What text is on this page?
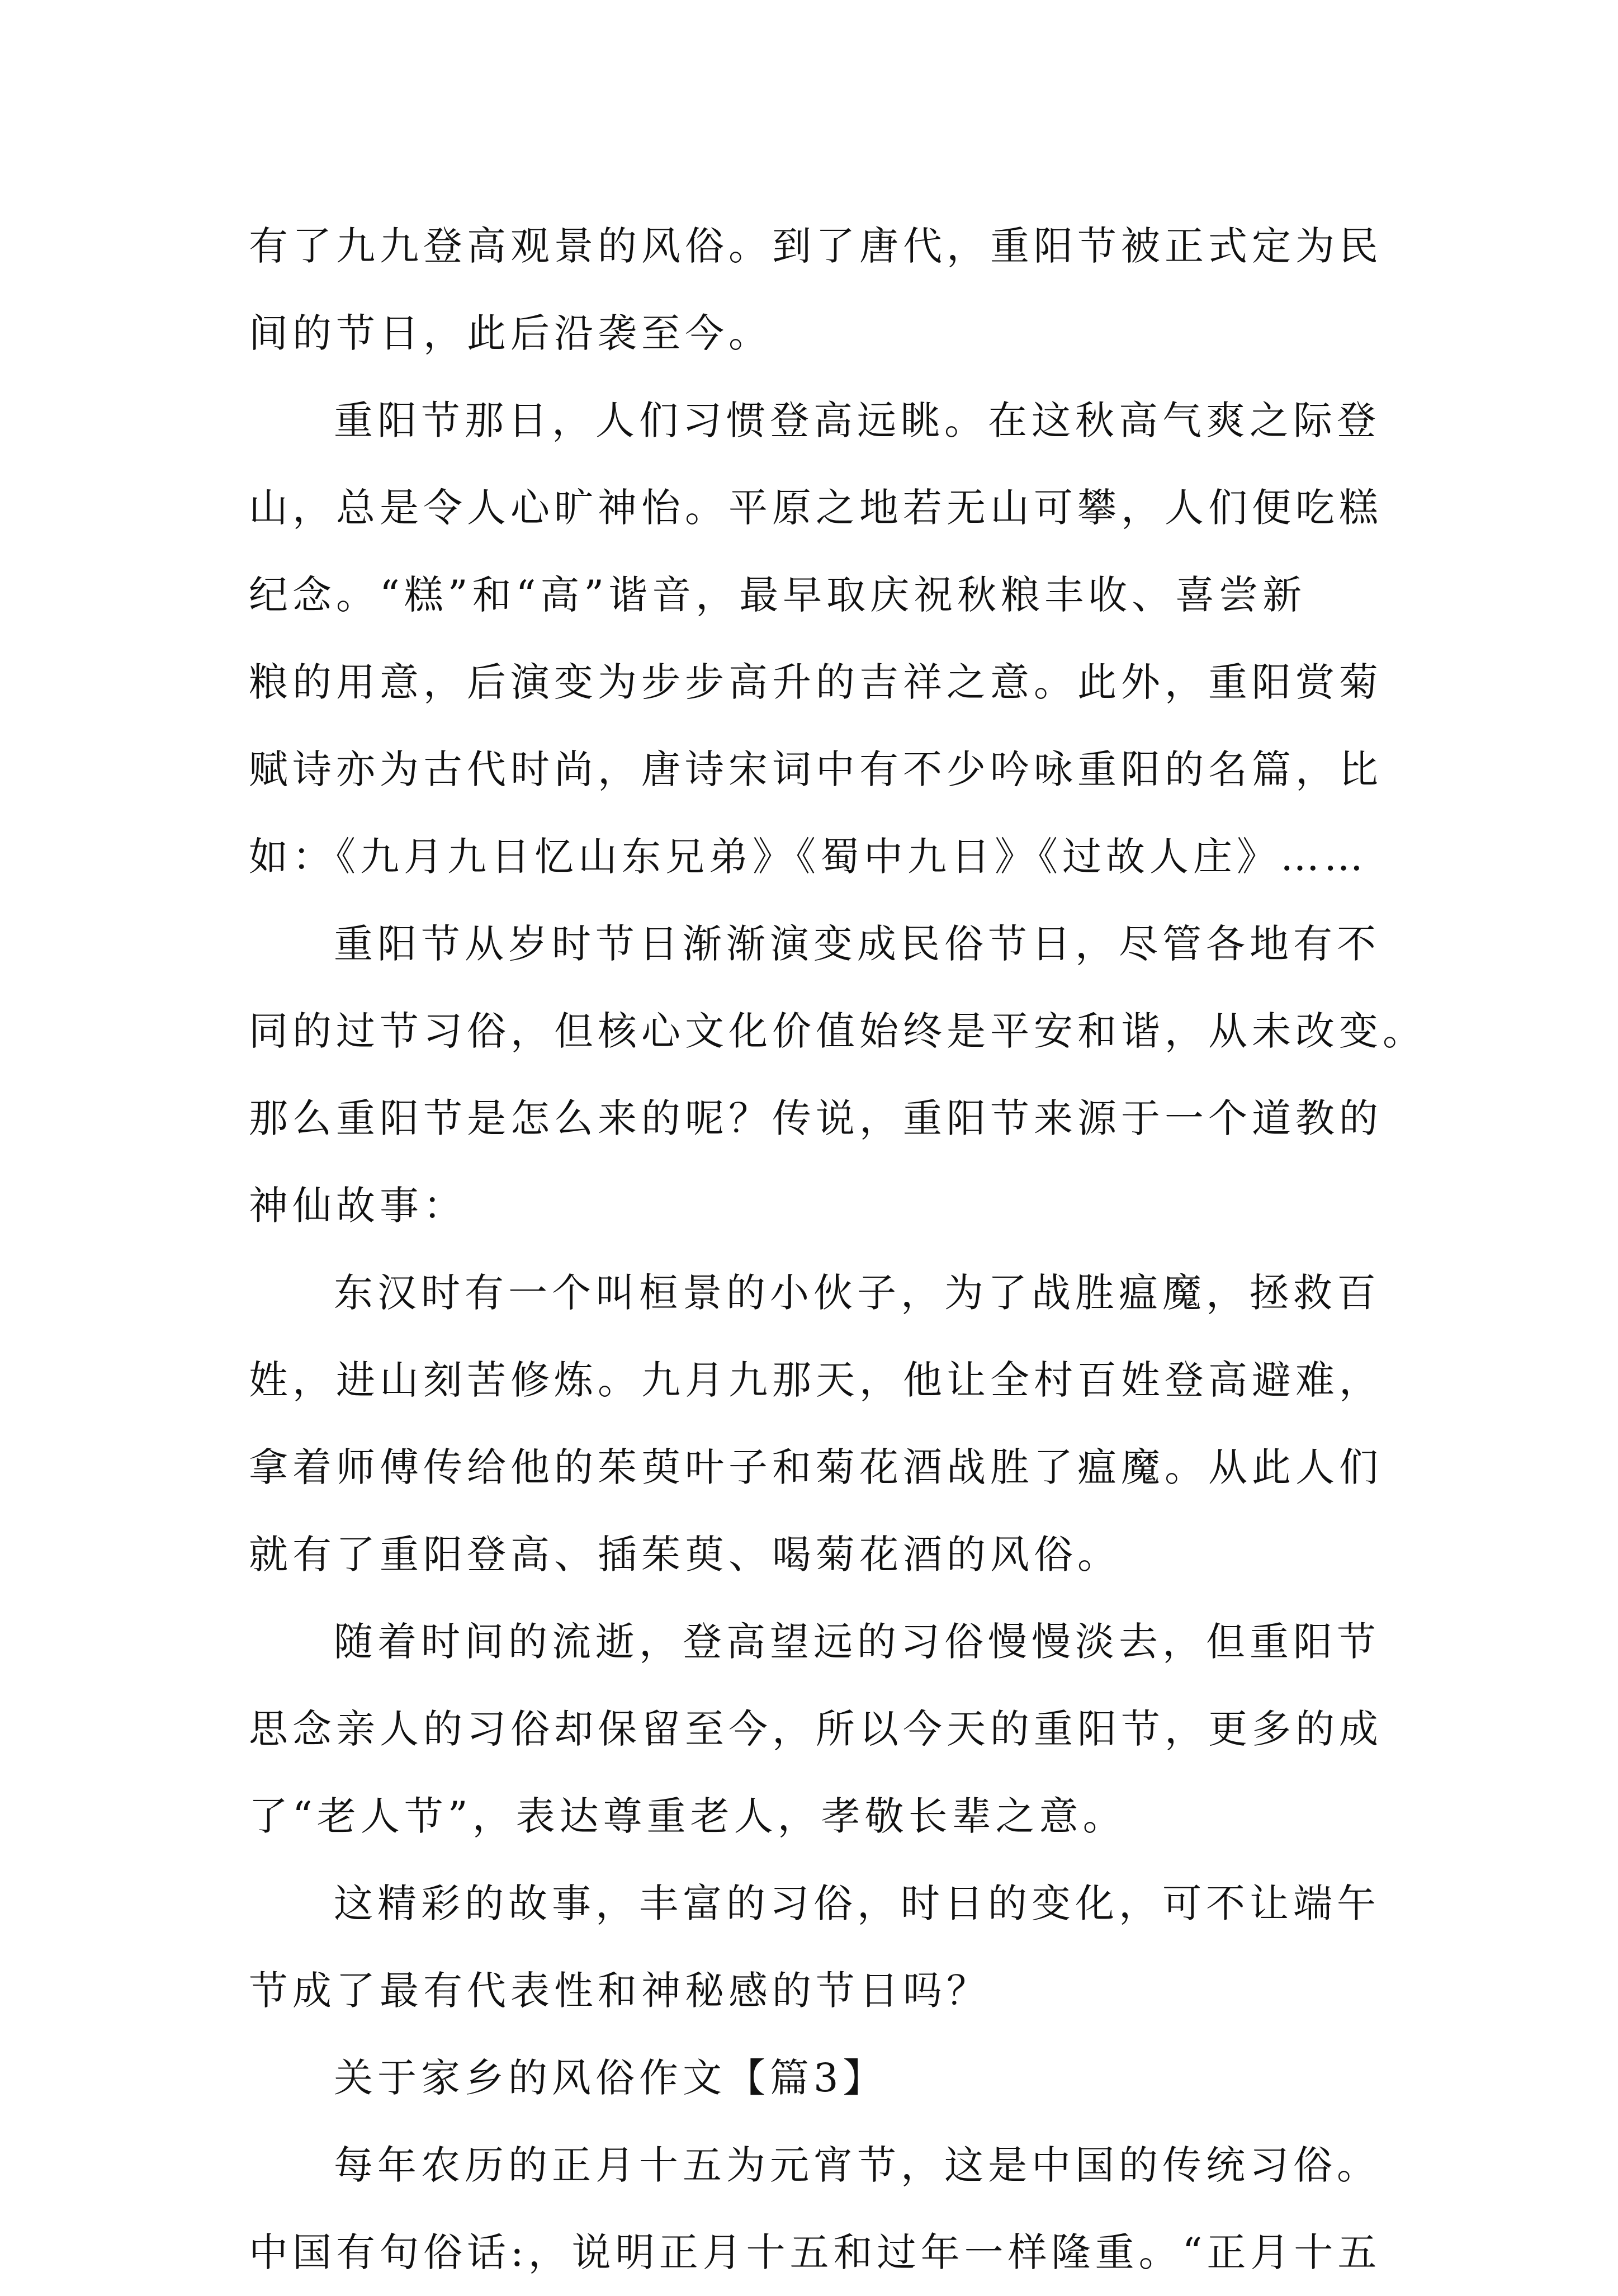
有了九九登高观景的风俗。到了唐代，重阳节被正式定为民
间的节日，此后沿袭至今。
重阳节那日，人们习惯登高远眺。在这秋高气爽之际登
山，总是令人心旷神怡。平原之地若无山可攀，人们便吃糕
纪念。“糕”和“高”谐音，最早取庆祝秋粮丰收、喜尝新
粮的用意，后演变为步步高升的吉祥之意。此外，重阳赏菊
赋诗亦为古代时尚，唐诗宋词中有不少吟咏重阳的名篇，比
如：《九月九日忆山东兄弟》《蜀中九日》《过故人庄》……
重阳节从岁时节日渐渐演变成民俗节日，尽管各地有不
同的过节习俗，但核心文化价值始终是平安和谐，从未改变。
那么重阳节是怎么来的呢？传说，重阳节来源于一个道教的
神仙故事：
东汉时有一个叫桓景的小伙子，为了战胜瘟魔，拯救百
姓，进山刻苦修炼。九月九那天，他让全村百姓登高避难，
拿着师傅传给他的茱萸叶子和菊花酒战胜了瘟魔。从此人们
就有了重阳登高、插茱萸、喝菊花酒的风俗。
随着时间的流逝，登高望远的习俗慢慢淡去，但重阳节
思念亲人的习俗却保留至今，所以今天的重阳节，更多的成
了“老人节”，表达尊重老人，孝敬长辈之意。
这精彩的故事，丰富的习俗，时日的变化，可不让端午
节成了最有代表性和神秘感的节日吗？
关于家乡的风俗作文【篇3】
每年农历的正月十五为元宵节，这是中国的传统习俗。
中国有句俗话:，说明正月十五和过年一样隆重。“正月十五
